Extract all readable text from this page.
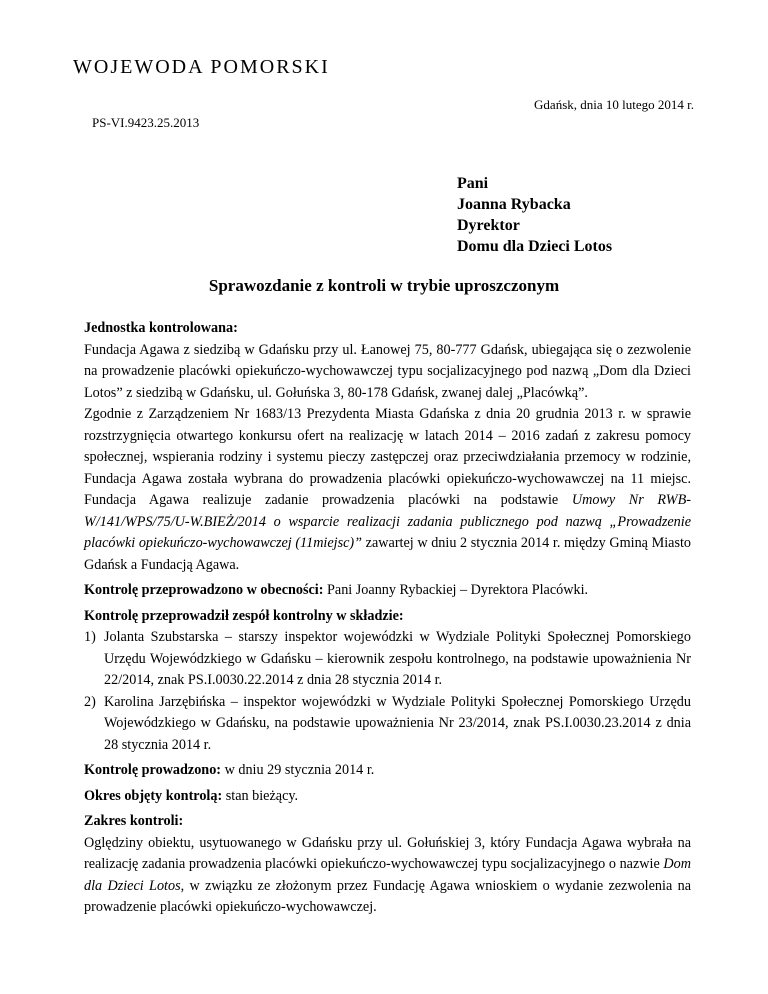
WOJEWODA POMORSKI
Gdańsk, dnia 10 lutego 2014 r.
PS-VI.9423.25.2013
Pani
Joanna Rybacka
Dyrektor
Domu dla Dzieci Lotos
Sprawozdanie z kontroli w trybie uproszczonym

Jednostka kontrolowana:

Fundacja Agawa z siedzibą w Gdańsku przy ul. Łanowej 75, 80-777 Gdańsk, ubiegająca się o zezwolenie na prowadzenie placówki opiekuńczo-wychowawczej typu socjalizacyjnego pod nazwą „Dom dla Dzieci Lotos” z siedzibą w Gdańsku, ul. Gołuńska 3, 80-178 Gdańsk, zwanej dalej „Placówką”.

Zgodnie z Zarządzeniem Nr 1683/13 Prezydenta Miasta Gdańska z dnia 20 grudnia 2013 r. w sprawie rozstrzygnięcia otwartego konkursu ofert na realizację w latach 2014 – 2016 zadań z zakresu pomocy społecznej, wspierania rodziny i systemu pieczy zastępczej oraz przeciwdziałania przemocy w rodzinie, Fundacja Agawa została wybrana do prowadzenia placówki opiekuńczo-wychowawczej na 11 miejsc. Fundacja Agawa realizuje zadanie prowadzenia placówki na podstawie Umowy Nr RWB-W/141/WPS/75/U-W.BIEŻ/2014 o wsparcie realizacji zadania publicznego pod nazwą „Prowadzenie placówki opiekuńczo-wychowawczej (11miejsc)” zawartej w dniu 2 stycznia 2014 r. między Gminą Miasto Gdańsk a Fundacją Agawa.

Kontrolę przeprowadzono w obecności: Pani Joanny Rybackiej – Dyrektora Placówki.

Kontrolę przeprowadził zespół kontrolny w składzie:

1) Jolanta Szubstarska – starszy inspektor wojewódzki w Wydziale Polityki Społecznej Pomorskiego Urzędu Wojewódzkiego w Gdańsku – kierownik zespołu kontrolnego, na podstawie upoważnienia Nr 22/2014, znak PS.I.0030.22.2014 z dnia 28 stycznia 2014 r.
2) Karolina Jarzębińska – inspektor wojewódzki w Wydziale Polityki Społecznej Pomorskiego Urzędu Wojewódzkiego w Gdańsku, na podstawie upoważnienia Nr 23/2014, znak PS.I.0030.23.2014 z dnia 28 stycznia 2014 r.

Kontrolę prowadzono: w dniu 29 stycznia 2014 r.

Okres objęty kontrolą: stan bieżący.

Zakres kontroli:

Oględziny obiektu, usytuowanego w Gdańsku przy ul. Gołuńskiej 3, który Fundacja Agawa wybrała na realizację zadania prowadzenia placówki opiekuńczo-wychowawczej typu socjalizacyjnego o nazwie Dom dla Dzieci Lotos, w związku ze złożonym przez Fundację Agawa wnioskiem o wydanie zezwolenia na prowadzenie placówki opiekuńczo-wychowawczej.
